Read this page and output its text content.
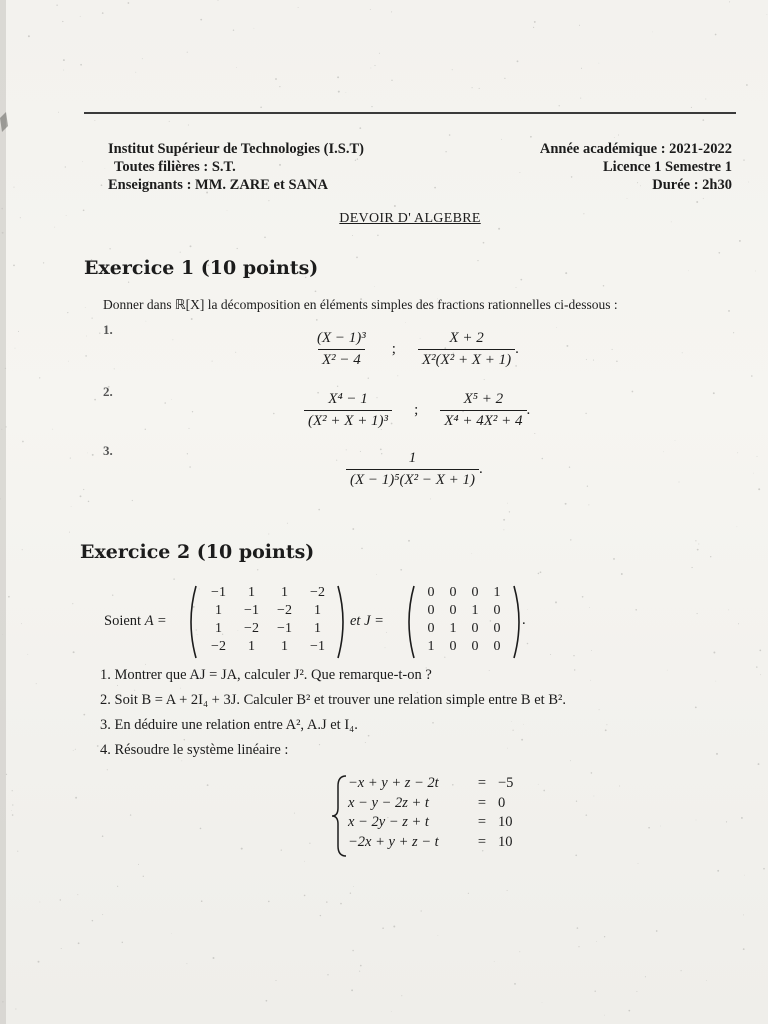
Institut Supérieur de Technologies (I.S.T)
Toutes filières : S.T.
Enseignants : MM. ZARE et SANA
Année académique : 2021-2022
Licence 1 Semestre 1
Durée : 2h30
DEVOIR D' ALGEBRE
Exercice 1 (10 points)
Donner dans ℝ[X] la décomposition en éléments simples des fractions rationnelles ci-dessous :
1.
$\frac{\text{(X − 1)³}}{\text{X² − 4}}$ ; $\frac{X + 2}{\text{X²(X² + X + 1)}}$ .
2.	$\frac{\text{X⁴ − 1}}{\text{(X² + X + 1)³}}$ ; $\frac{\text{X⁵ + 2}}{\text{X⁴ + 4X² + 4}}$ .
3.	$\frac{1}{\text{(X − 1)⁵(X² − X + 1)}}$ .
Exercice 2 (10 points)
Soient A =
−1 1 1 −2
1 −1 −2 1
1 −2 −1 1
−2 1 1 −1
et J =
0 0 0 1
0 0 1 0
0 1 0 0
1 0 0 0
.
1. Montrer que AJ = JA, calculer J². Que remarque-t-on ?
2. Soit B = A + 2I₄ + 3J. Calculer B² et trouver une relation simple entre B et B².
3. En déduire une relation entre A², A.J et I₄.
4. Résoudre le système linéaire :
−x + y + z − 2t	= −5
x − y − 2z + t	= 0
x − 2y − z + t	= 10
−2x + y + z − t	= 10
